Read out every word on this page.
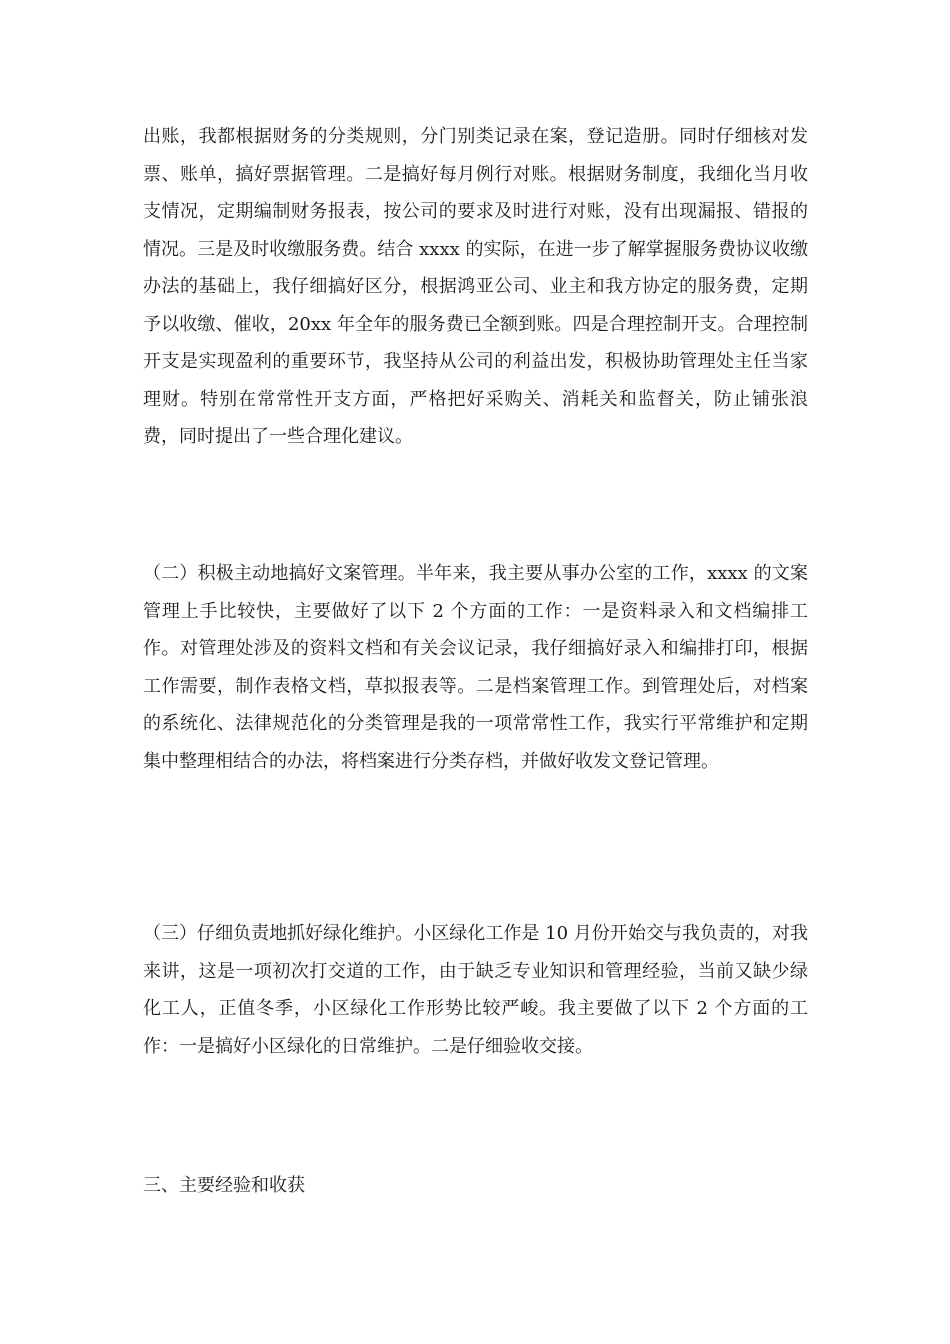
出账，我都根据财务的分类规则，分门别类记录在案，登记造册。同时仔细核对发票、账单，搞好票据管理。二是搞好每月例行对账。根据财务制度，我细化当月收支情况，定期编制财务报表，按公司的要求及时进行对账，没有出现漏报、错报的情况。三是及时收缴服务费。结合 xxxx 的实际，在进一步了解掌握服务费协议收缴办法的基础上，我仔细搞好区分，根据鸿亚公司、业主和我方协定的服务费，定期予以收缴、催收，20xx 年全年的服务费已全额到账。四是合理控制开支。合理控制开支是实现盈利的重要环节，我坚持从公司的利益出发，积极协助管理处主任当家理财。特别在常常性开支方面，严格把好采购关、消耗关和监督关，防止铺张浪费，同时提出了一些合理化建议。

（二）积极主动地搞好文案管理。半年来，我主要从事办公室的工作，xxxx 的文案管理上手比较快，主要做好了以下 2 个方面的工作：一是资料录入和文档编排工作。对管理处涉及的资料文档和有关会议记录，我仔细搞好录入和编排打印，根据工作需要，制作表格文档，草拟报表等。二是档案管理工作。到管理处后，对档案的系统化、法律规范化的分类管理是我的一项常常性工作，我实行平常维护和定期集中整理相结合的办法，将档案进行分类存档，并做好收发文登记管理。

（三）仔细负责地抓好绿化维护。小区绿化工作是 10 月份开始交与我负责的，对我来讲，这是一项初次打交道的工作，由于缺乏专业知识和管理经验，当前又缺少绿化工人，正值冬季，小区绿化工作形势比较严峻。我主要做了以下 2 个方面的工作：一是搞好小区绿化的日常维护。二是仔细验收交接。

三、主要经验和收获
